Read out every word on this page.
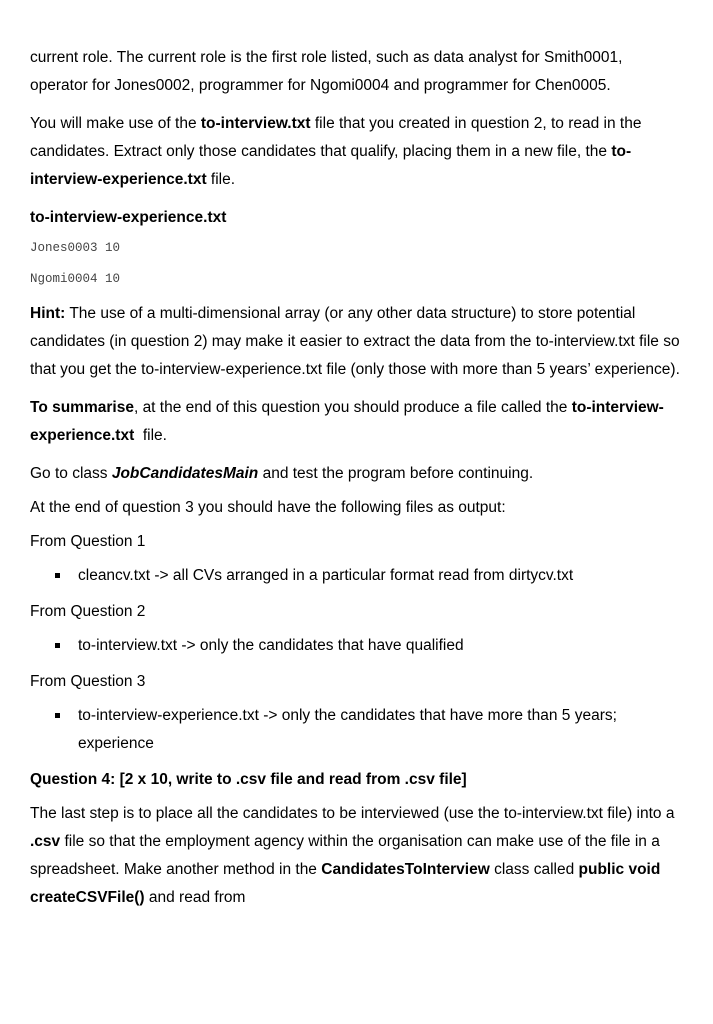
current role. The current role is the first role listed, such as data analyst for Smith0001, operator for Jones0002, programmer for Ngomi0004 and programmer for Chen0005.

You will make use of the to-interview.txt file that you created in question 2, to read in the candidates. Extract only those candidates that qualify, placing them in a new file, the to-interview-experience.txt file.

to-interview-experience.txt

Jones0003 10
Ngomi0004 10

Hint: The use of a multi-dimensional array (or any other data structure) to store potential candidates (in question 2) may make it easier to extract the data from the to-interview.txt file so that you get the to-interview-experience.txt file (only those with more than 5 years’ experience).

To summarise, at the end of this question you should produce a file called the to-interview-experience.txt  file.

Go to class JobCandidatesMain and test the program before continuing.

At the end of question 3 you should have the following files as output:

From Question 1

cleancv.txt -> all CVs arranged in a particular format read from dirtycv.txt

From Question 2

to-interview.txt -> only the candidates that have qualified

From Question 3

to-interview-experience.txt -> only the candidates that have more than 5 years; experience

Question 4: [2 x 10, write to .csv file and read from .csv file]

The last step is to place all the candidates to be interviewed (use the to-interview.txt file) into a .csv file so that the employment agency within the organisation can make use of the file in a spreadsheet. Make another method in the CandidatesToInterview class called public void createCSVFile() and read from
